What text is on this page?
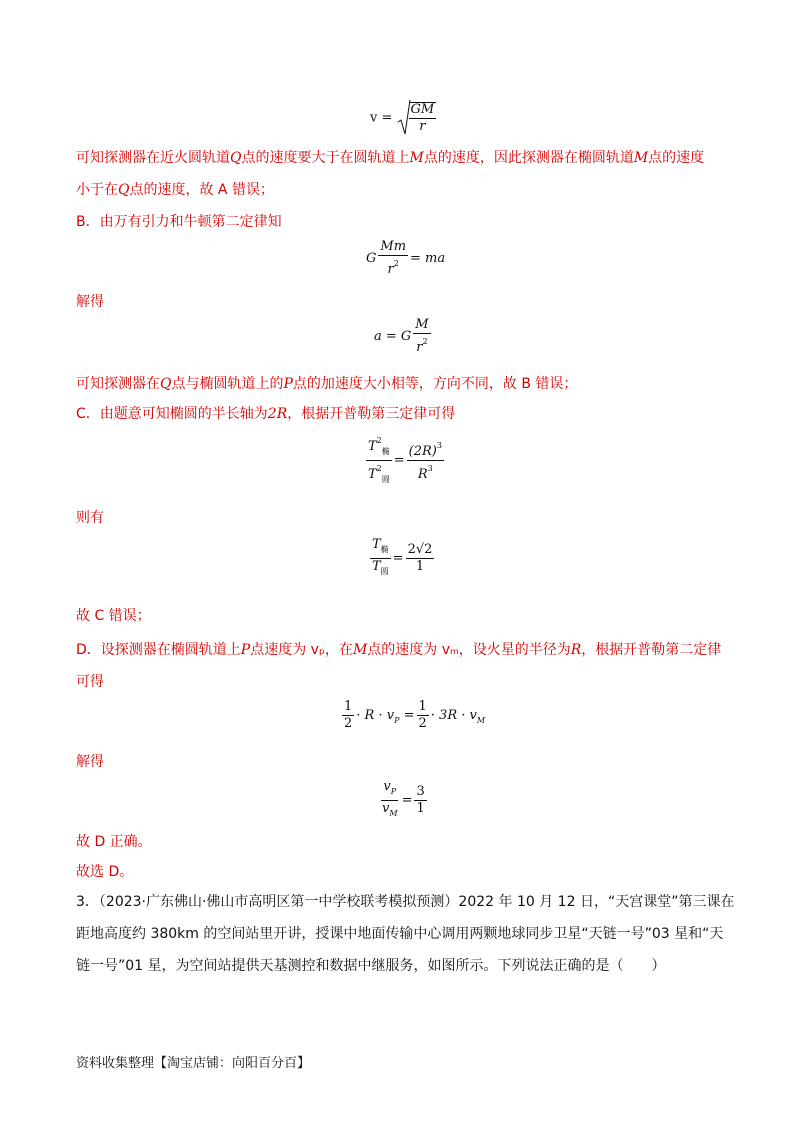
$v = \frac{GM}{r}$
可知探测器在近火圆轨道Q点的速度要大于在圆轨道上M点的速度，因此探测器在椭圆轨道M点的速度
小于在Q点的速度，故 A 错误；
B．由万有引力和牛顿第二定律知
G $\frac{Mm}{r^2}$ = ma
解得
a = G $\frac{M}{r^2}$
可知探测器在Q点与椭圆轨道上的P点的加速度大小相等，方向不同，故 B 错误；
C．由题意可知椭圆的半长轴为2R，根据开普勒第三定律可得
$\frac{T^2_椭}{T^2_圆} = \frac{(2R)^3}{R^3}$
则有
$\frac{T_椭}{T_圆} = \frac{2√2}{1}$
故 C 错误；
D．设探测器在椭圆轨道上P点速度为 vₚ，在M点的速度为 vₘ，设火星的半径为R，根据开普勒第二定律
可得
$\frac{1}{2} \cdot R \cdot v_P = \frac{1}{2} \cdot 3R \cdot v_M$
解得
$\frac{v_P}{v_M} = \frac{3}{1}$
故 D 正确。
故选 D。
3．（2023·广东佛山·佛山市高明区第一中学校联考模拟预测）2022 年 10 月 12 日，“天宫课堂”第三课在
距地高度约 380km 的空间站里开讲，授课中地面传输中心调用两颗地球同步卫星“天链一号”03 星和“天
链一号”01 星，为空间站提供天基测控和数据中继服务，如图所示。下列说法正确的是（　　）
资料收集整理【淘宝店铺：向阳百分百】
